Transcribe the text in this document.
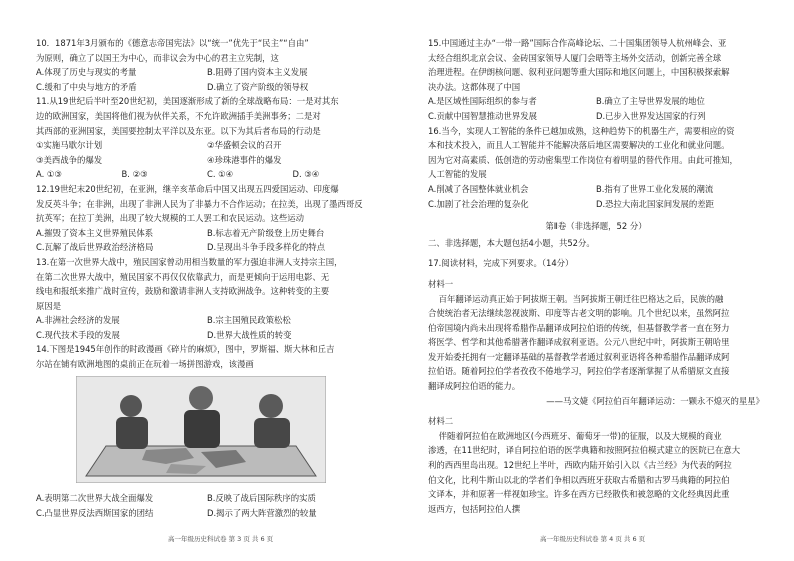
10．1871年3月颁布的《德意志帝国宪法》以“统一”优先于“民主”“自由”

为原则，确立了以国王为中心，而非议会为中心的君主立宪制，这

A.体现了历史与现实的考量	B.阻碍了国内资本主义发展
C.缓和了中央与地方的矛盾	D.确立了资产阶级的领导权

11.从19世纪后半叶至20世纪初，美国逐渐形成了新的全球战略布局：一是对其东

边的欧洲国家，美国将他们视为伙伴关系，不允许欧洲插手美洲事务；二是对

其西部的亚洲国家，美国要控制太平洋以及东亚。以下为其后者布局的行动是

①实施马歇尔计划	②华盛顿会议的召开
③美西战争的爆发	④珍珠港事件的爆发
A. ①③	B. ②③	C. ①④	D. ③④

12.19世纪末20世纪初，在亚洲，继辛亥革命后中国又出现五四爱国运动、印度爆

发反英斗争；在非洲，出现了非洲人民为了非暴力不合作运动；在拉美，出现了墨西哥反

抗英军；在拉丁美洲，出现了较大规模的工人罢工和农民运动。这些运动

A.摧毁了资本主义世界殖民体系	B.标志着无产阶级登上历史舞台
C.瓦解了战后世界政治经济格局	D.呈现出斗争手段多样化的特点

13.在第一次世界大战中，殖民国家曾动用相当数量的军力强迫非洲人支持宗主国，

在第二次世界大战中，殖民国家不再仅仅依靠武力，而是更倾向于运用电影、无

线电和报纸来推广战时宣传，鼓励和激请非洲人支持欧洲战争。这种转变的主要

原因是

A.非洲社会经济的发展	B.宗主国殖民政策松松
C.现代技术手段的发展	D.世界大战性质的转变

14.下图是1945年创作的时政漫画《碎片的麻烦》，图中，罗斯福、斯大林和丘吉

尔站在铺有欧洲地图的桌前正在玩着一场拼图游戏，该漫画

A.表明第二次世界大战全面爆发	B.反映了战后国际秩序的实质
C.凸显世界反法西斯国家的团结	D.揭示了两大阵营激烈的较量
高一年级历史科试卷 第 3 页 共 6 页

15.中国通过主办“一带一路”国际合作高峰论坛、二十国集团领导人杭州峰会、亚

太经合组织北京会议、金砖国家领导人厦门会晤等主场外交活动，创新完善全球

治理进程。在伊朗核问题、叙利亚问题等重大国际和地区问题上，中国积极探索解

决办法。这都体现了中国

A.是区域性国际组织的参与者	B.确立了主导世界发展的地位
C.贡献中国智慧推动世界发展	D.已步入世界发达国家的行列

16.当今，实现人工智能的条件已越加成熟，这种趋势下的机器生产，需要相应的资

本和技术投入，而且人工智能并不能解决落后地区需要解决的工业化和就业问题。

因为它对高素质、低创造的劳动密集型工作岗位有着明显的替代作用。由此可推知，

人工智能的发展

A.削减了各国整体就业机会	B.指有了世界工业化发展的潮流
C.加剧了社会治理的复杂化	D.恐拉大南北国家间发展的差距

第Ⅱ卷（非选择题，52 分）

二、非选择题，本大题包括4小题，共52分。

17.阅读材料，完成下列要求。（14分）

材料一

百年翻译运动真正始于阿拔斯王朝。当阿拔斯王朝迁往巴格达之后，民族的融

合使统治者无法继续忽视波斯、印度等古老文明的影响。几个世纪以来，虽然阿拉

伯帝国境内尚未出现将希腊作品翻译成阿拉伯语的传统，但基督教学者一直在努力

将医学、哲学和其他希腊著作翻译成叙利亚语。公元八世纪中叶，阿拔斯王朝哈里

发开始委托拥有一定翻译基础的基督教学者通过叙利亚语将各种希腊作品翻译成阿

拉伯语。随着阿拉伯学者孜孜不倦地学习，阿拉伯学者逐渐掌握了从希腊原文直接

翻译成阿拉伯语的能力。

——马文婕《阿拉伯百年翻译运动：一颗永不熄灭的星星》

材料二

伴随着阿拉伯在欧洲地区(今西班牙、葡萄牙一带)的征服，以及大规模的商业

渗透，在11世纪时，译自阿拉伯语的医学典籍和按照阿拉伯模式建立的医院已在意大

利的西西里岛出现。12世纪上半叶，西欧内陆开始引入以《古兰经》为代表的阿拉

伯文化，比利牛斯山以北的学者们争相以西班牙获取古希腊和古罗马典籍的阿拉伯

文译本，并和原著一样视如珍宝。许多在西方已经散佚和被忽略的文化经典因此重

返西方，包括阿拉伯人撰

高一年级历史科试卷 第 4 页 共 6 页
